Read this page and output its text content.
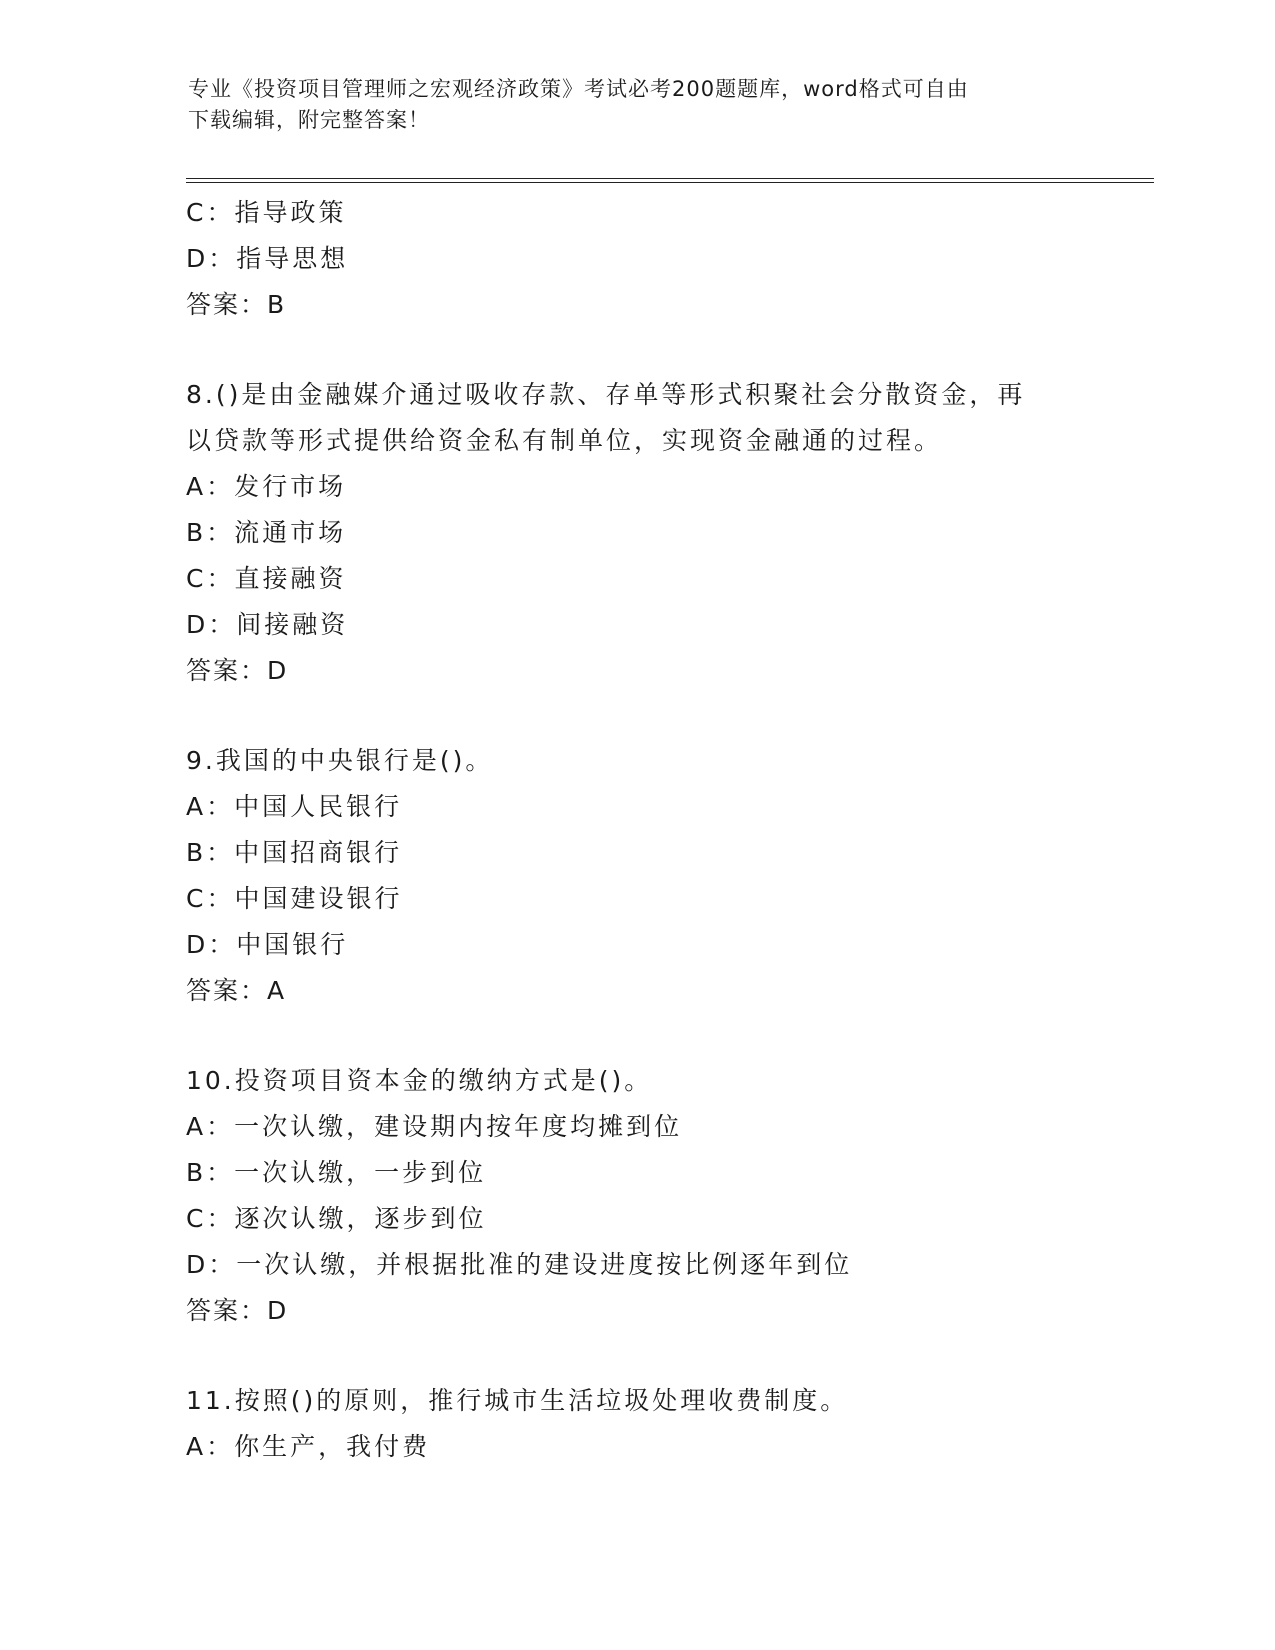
专业《投资项目管理师之宏观经济政策》考试必考200题题库，word格式可自由
下载编辑，附完整答案！
C：指导政策
D：指导思想
答案：B
8.()是由金融媒介通过吸收存款、存单等形式积聚社会分散资金，再
以贷款等形式提供给资金私有制单位，实现资金融通的过程。
A：发行市场
B：流通市场
C：直接融资
D：间接融资
答案：D
9.我国的中央银行是()。
A：中国人民银行
B：中国招商银行
C：中国建设银行
D：中国银行
答案：A
10.投资项目资本金的缴纳方式是()。
A：一次认缴，建设期内按年度均摊到位
B：一次认缴，一步到位
C：逐次认缴，逐步到位
D：一次认缴，并根据批准的建设进度按比例逐年到位
答案：D
11.按照()的原则，推行城市生活垃圾处理收费制度。
A：你生产，我付费
